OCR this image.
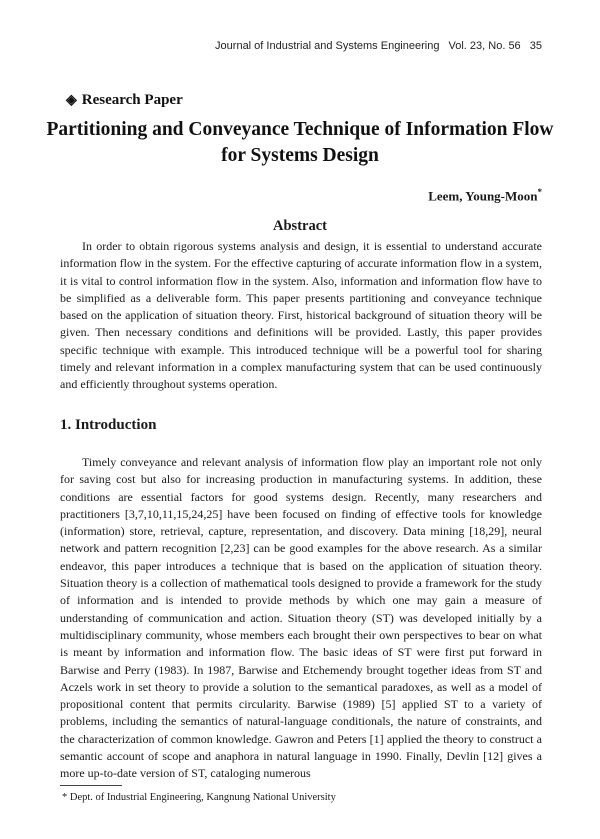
Journal of Industrial and Systems Engineering Vol. 23, No. 56 35
◈ Research Paper
Partitioning and Conveyance Technique of Information Flow for Systems Design
Leem, Young-Moon*
Abstract

In order to obtain rigorous systems analysis and design, it is essential to understand accurate information flow in the system. For the effective capturing of accurate information flow in a system, it is vital to control information flow in the system. Also, information and information flow have to be simplified as a deliverable form. This paper presents partitioning and conveyance technique based on the application of situation theory. First, historical background of situation theory will be given. Then necessary conditions and definitions will be provided. Lastly, this paper provides specific technique with example. This introduced technique will be a powerful tool for sharing timely and relevant information in a complex manufacturing system that can be used continuously and efficiently throughout systems operation.

1. Introduction

Timely conveyance and relevant analysis of information flow play an important role not only for saving cost but also for increasing production in manufacturing systems. In addition, these conditions are essential factors for good systems design. Recently, many researchers and practitioners [3,7,10,11,15,24,25] have been focused on finding of effective tools for knowledge (information) store, retrieval, capture, representation, and discovery. Data mining [18,29], neural network and pattern recognition [2,23] can be good examples for the above research. As a similar endeavor, this paper introduces a technique that is based on the application of situation theory. Situation theory is a collection of mathematical tools designed to provide a framework for the study of information and is intended to provide methods by which one may gain a measure of understanding of communication and action. Situation theory (ST) was developed initially by a multidisciplinary community, whose members each brought their own perspectives to bear on what is meant by information and information flow. The basic ideas of ST were first put forward in Barwise and Perry (1983). In 1987, Barwise and Etchemendy brought together ideas from ST and Aczels work in set theory to provide a solution to the semantical paradoxes, as well as a model of propositional content that permits circularity. Barwise (1989) [5] applied ST to a variety of problems, including the semantics of natural-language conditionals, the nature of constraints, and the characterization of common knowledge. Gawron and Peters [1] applied the theory to construct a semantic account of scope and anaphora in natural language in 1990. Finally, Devlin [12] gives a more up-to-date version of ST, cataloging numerous

* Dept. of Industrial Engineering, Kangnung National University
